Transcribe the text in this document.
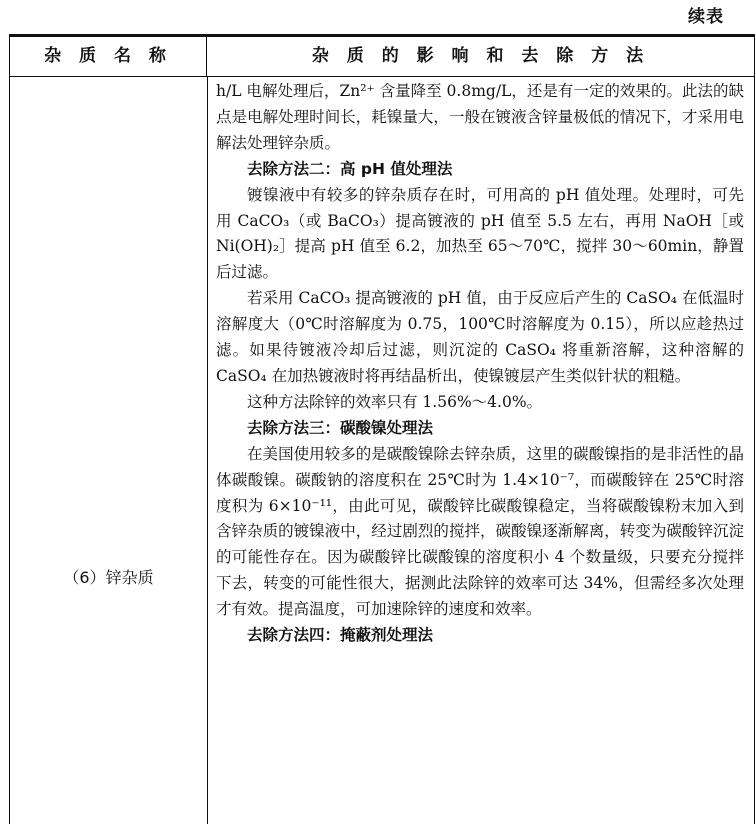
续表
杂 质 名 称	杂 质 的 影 响 和 去 除 方 法
（6）锌杂质

h/L 电解处理后，Zn²⁺ 含量降至 0.8mg/L，还是有一定的效果的。此法的缺点是电解处理时间长，耗镍量大，一般在镀液含锌量极低的情况下，才采用电解法处理锌杂质。

去除方法二：高 pH 值处理法

镀镍液中有较多的锌杂质存在时，可用高的 pH 值处理。处理时，可先用 CaCO₃（或 BaCO₃）提高镀液的 pH 值至 5.5 左右，再用 NaOH［或 Ni(OH)₂］提高 pH 值至 6.2，加热至 65～70℃，搅拌 30～60min，静置后过滤。

若采用 CaCO₃ 提高镀液的 pH 值，由于反应后产生的 CaSO₄ 在低温时溶解度大（0℃时溶解度为 0.75，100℃时溶解度为 0.15），所以应趁热过滤。如果待镀液冷却后过滤，则沉淀的 CaSO₄ 将重新溶解，这种溶解的 CaSO₄ 在加热镀液时将再结晶析出，使镍镀层产生类似针状的粗糙。

这种方法除锌的效率只有 1.56%～4.0%。

去除方法三：碳酸镍处理法

在美国使用较多的是碳酸镍除去锌杂质，这里的碳酸镍指的是非活性的晶体碳酸镍。碳酸钠的溶度积在 25℃时为 1.4×10⁻⁷，而碳酸锌在 25℃时溶度积为 6×10⁻¹¹，由此可见，碳酸锌比碳酸镍稳定，当将碳酸镍粉末加入到含锌杂质的镀镍液中，经过剧烈的搅拌，碳酸镍逐渐解离，转变为碳酸锌沉淀的可能性存在。因为碳酸锌比碳酸镍的溶度积小 4 个数量级，只要充分搅拌下去，转变的可能性很大，据测此法除锌的效率可达 34%，但需经多次处理才有效。提高温度，可加速除锌的速度和效率。

去除方法四：掩蔽剂处理法
